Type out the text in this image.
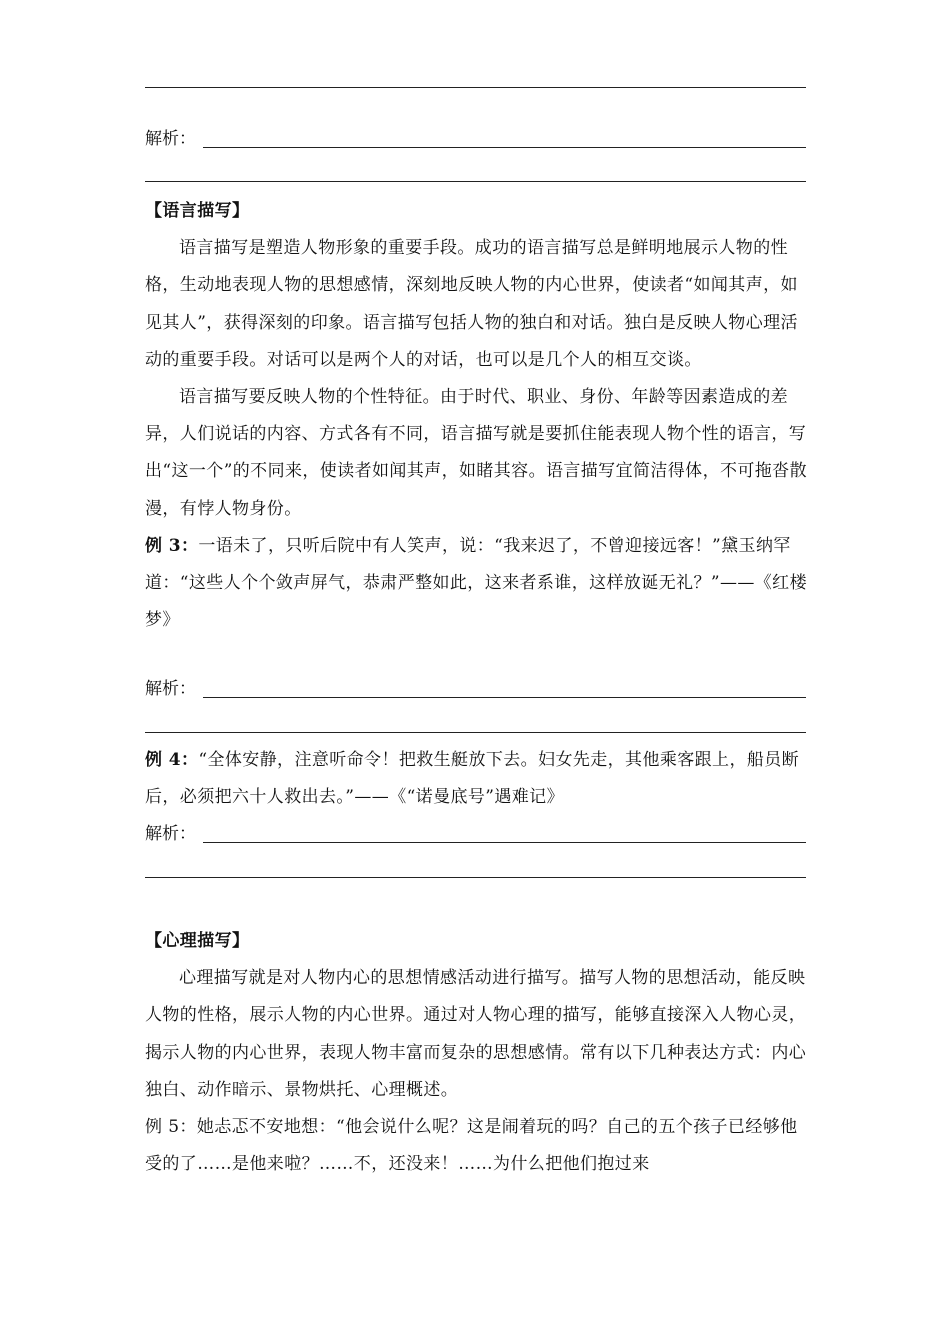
解析：
【语言描写】

语言描写是塑造人物形象的重要手段。成功的语言描写总是鲜明地展示人物的性格，生动地表现人物的思想感情，深刻地反映人物的内心世界，使读者“如闻其声，如见其人”，获得深刻的印象。语言描写包括人物的独白和对话。独白是反映人物心理活动的重要手段。对话可以是两个人的对话，也可以是几个人的相互交谈。

语言描写要反映人物的个性特征。由于时代、职业、身份、年龄等因素造成的差异，人们说话的内容、方式各有不同，语言描写就是要抓住能表现人物个性的语言，写出“这一个”的不同来，使读者如闻其声，如睹其容。语言描写宜简洁得体，不可拖沓散漫，有悖人物身份。

例 3：一语未了，只听后院中有人笑声，说：“我来迟了，不曾迎接远客！”黛玉纳罕道：“这些人个个敛声屏气，恭肃严整如此，这来者系谁，这样放诞无礼？”——《红楼梦》

解析：

例 4：“全体安静，注意听命令！把救生艇放下去。妇女先走，其他乘客跟上，船员断后，必须把六十人救出去。”——《“诺曼底号”遇难记》

解析：
【心理描写】

心理描写就是对人物内心的思想情感活动进行描写。描写人物的思想活动，能反映人物的性格，展示人物的内心世界。通过对人物心理的描写，能够直接深入人物心灵，揭示人物的内心世界，表现人物丰富而复杂的思想感情。常有以下几种表达方式：内心独白、动作暗示、景物烘托、心理概述。

例 5：她忐忑不安地想：“他会说什么呢？这是闹着玩的吗？自己的五个孩子已经够他受的了……是他来啦？……不，还没来！……为什么把他们抱过来
